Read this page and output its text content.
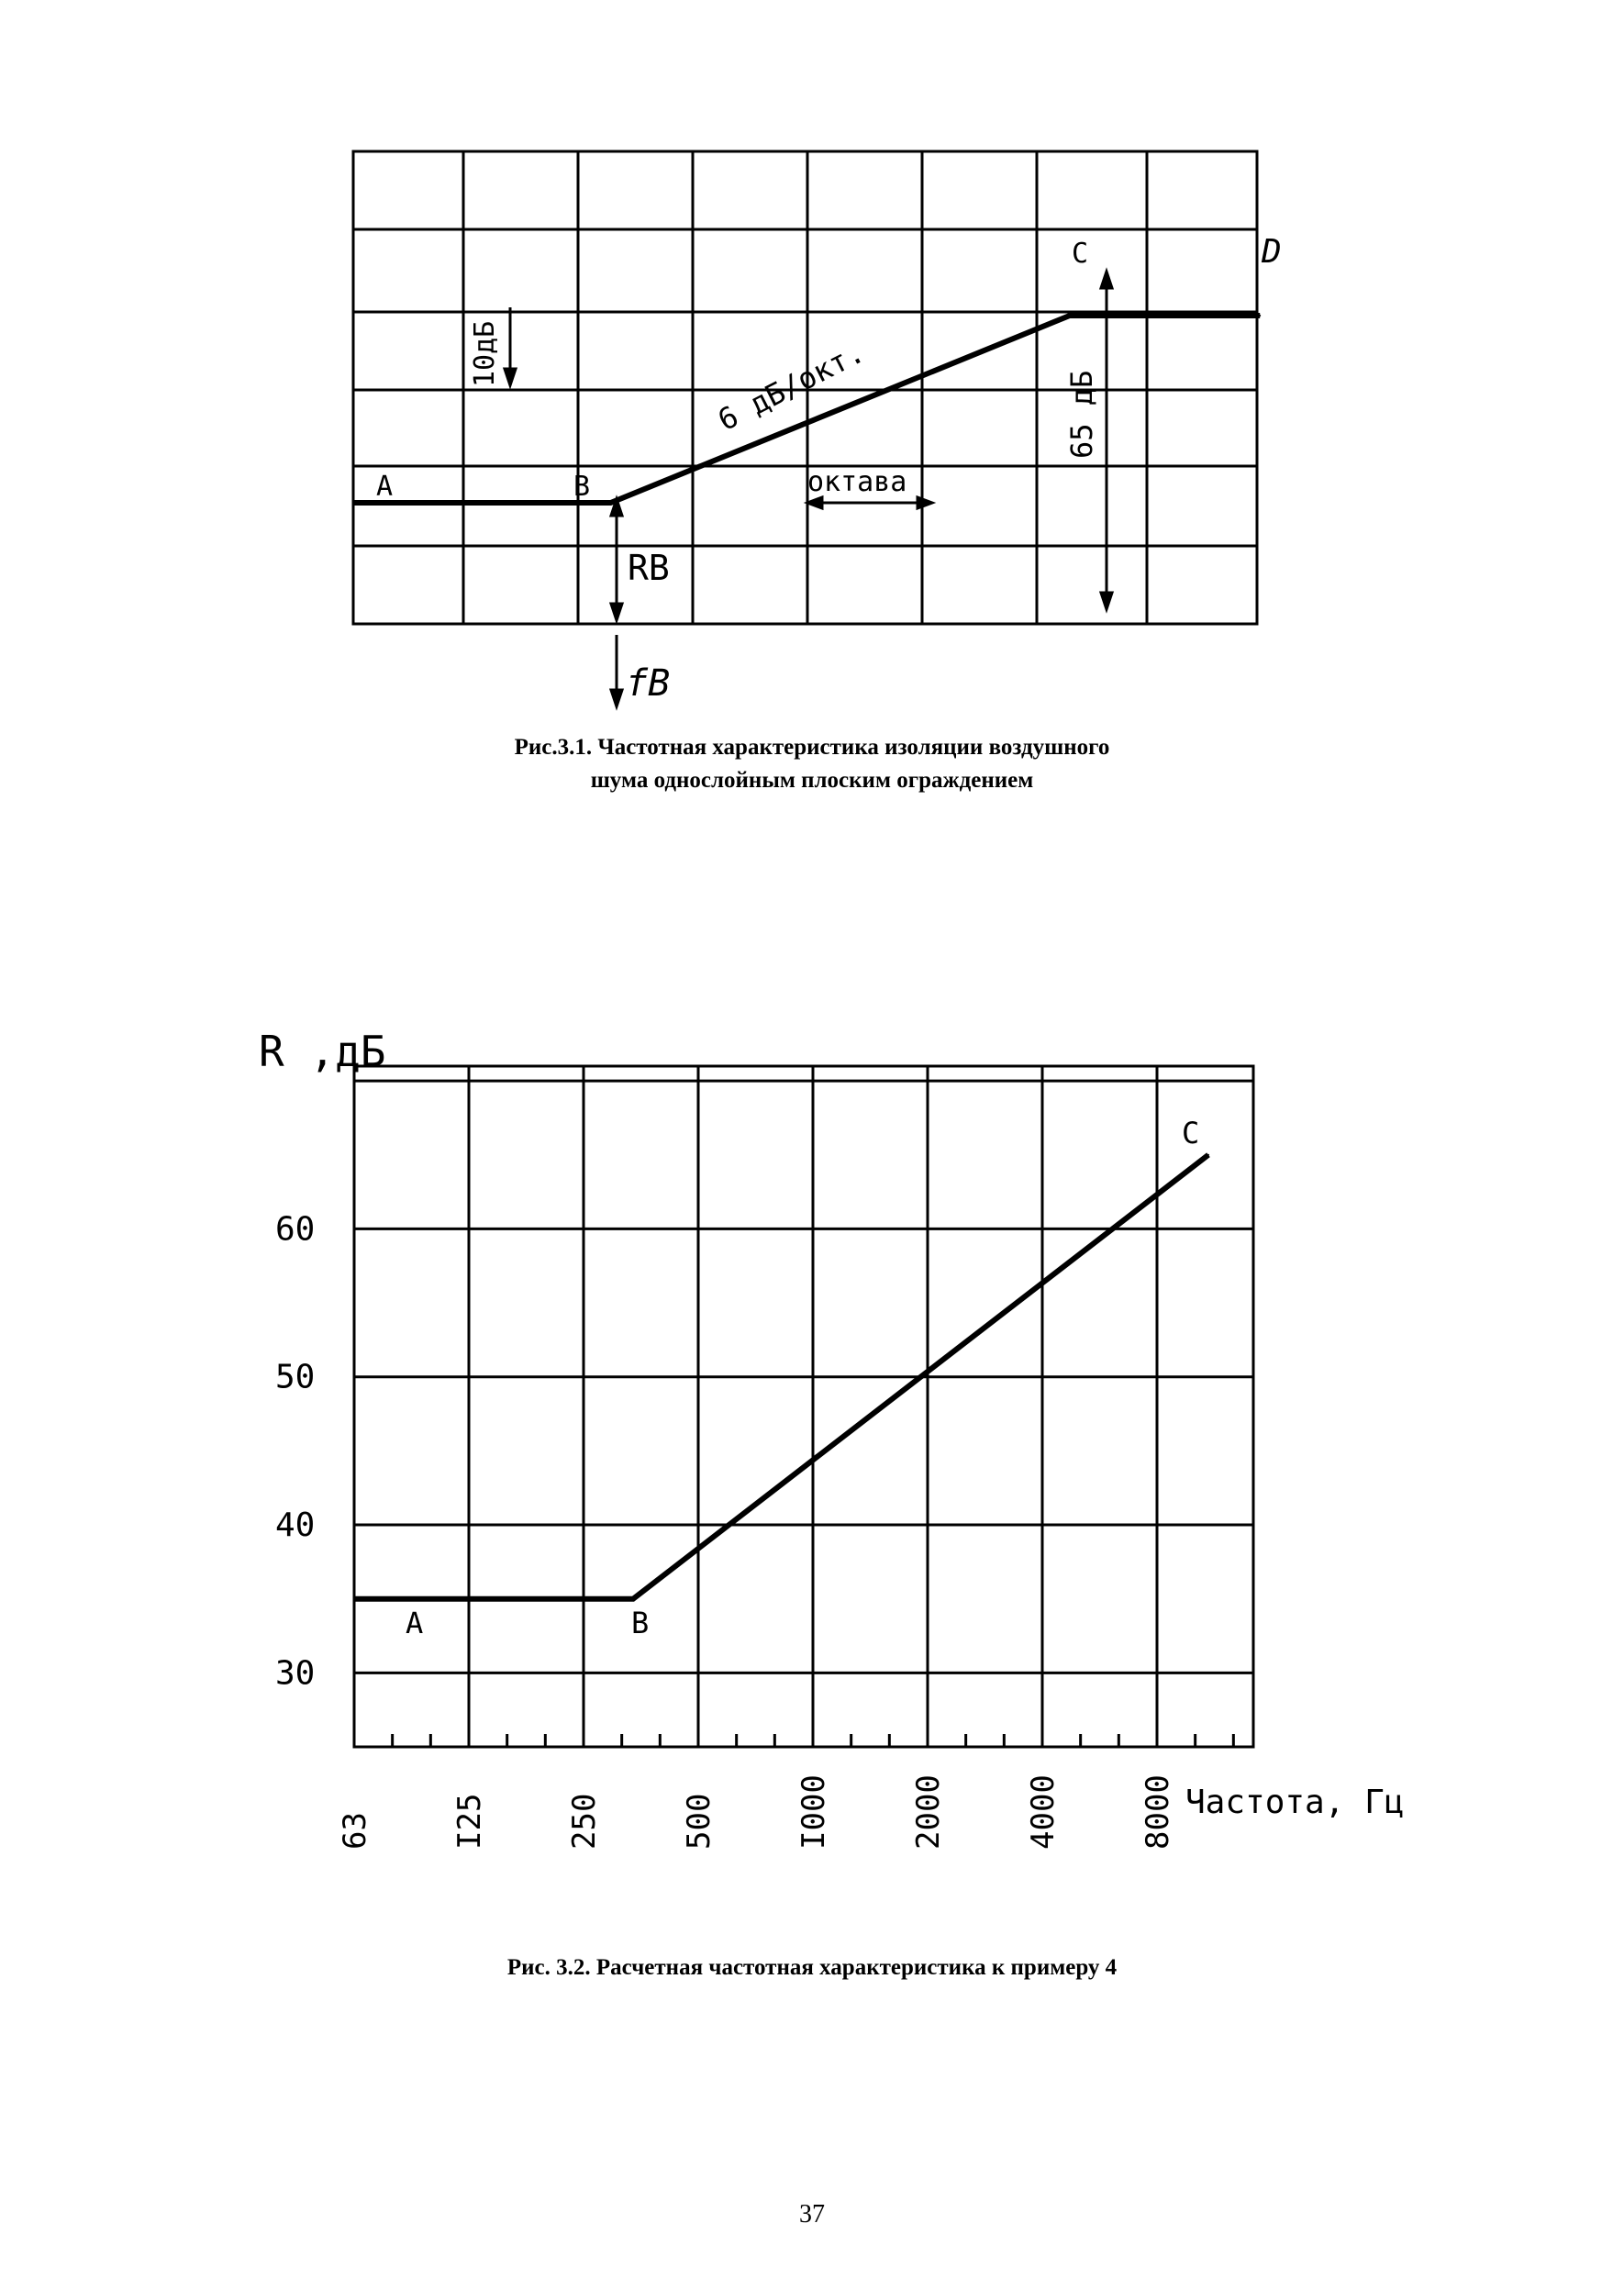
A	B
C	D
6 дБ/окт.
10дБ
октава
65 дБ
RB
fB
Рис.3.1. Частотная характеристика изоляции воздушного
шума однослойным плоским ограждением
30
40
50
60
63	I25	250	500	I000	2000	4000	8000
R ,дБ
Частота, Гц
A	B
C
Рис. 3.2. Расчетная частотная характеристика к примеру 4
37
